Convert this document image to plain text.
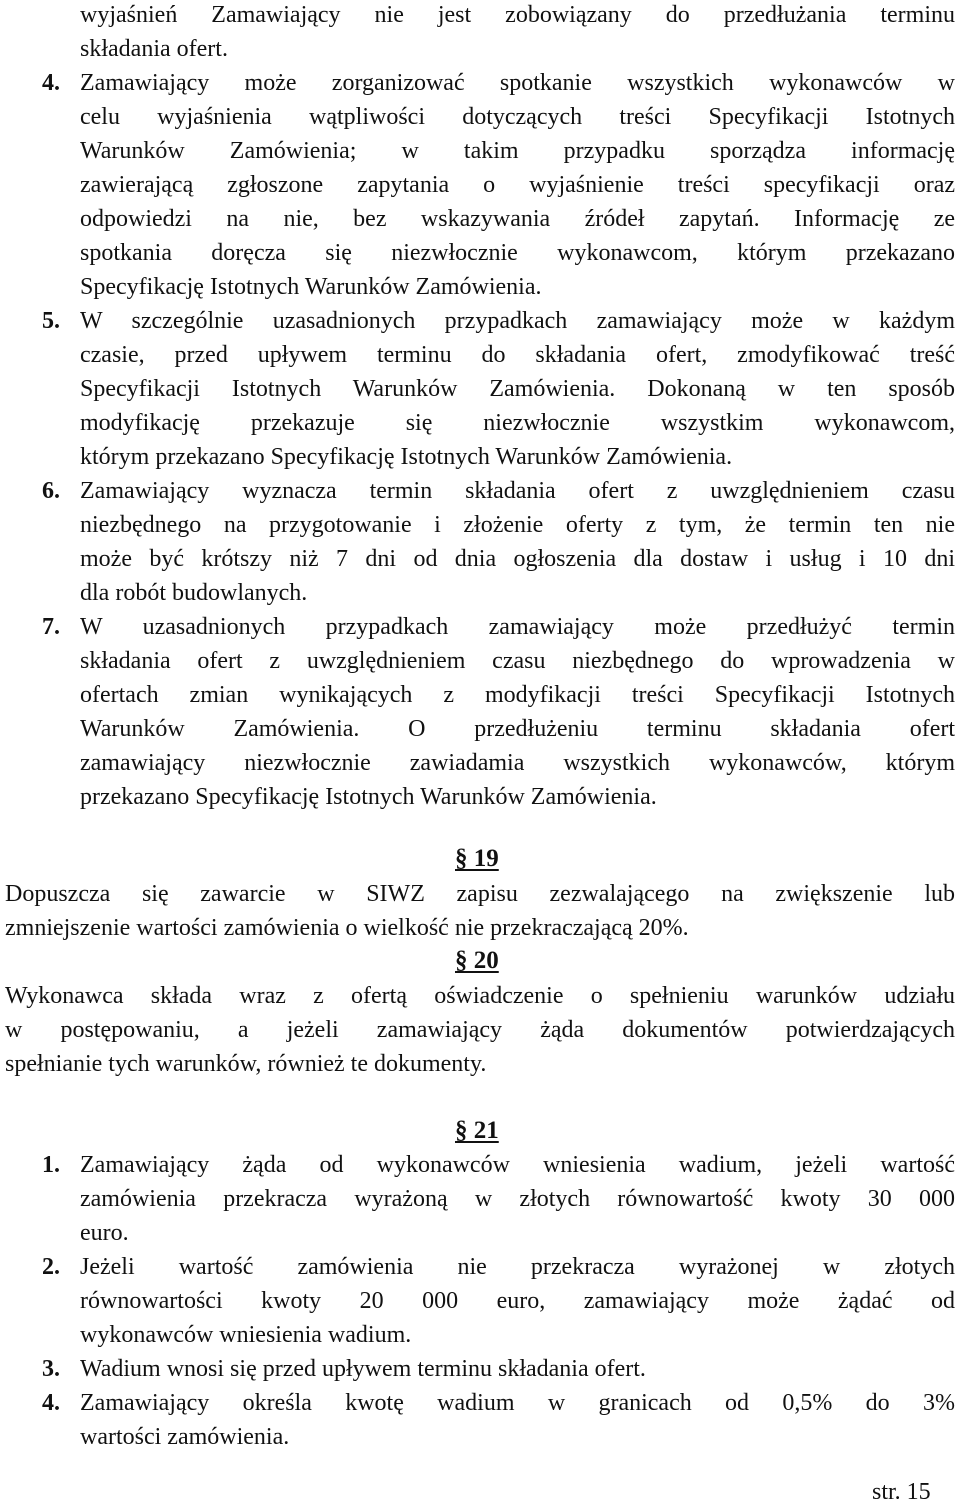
wyjaśnień Zamawiający nie jest zobowiązany do przedłużania terminu
składania ofert.
4. Zamawiający może zorganizować spotkanie wszystkich wykonawców w
celu wyjaśnienia wątpliwości dotyczących treści Specyfikacji Istotnych
Warunków Zamówienia; w takim przypadku sporządza informację
zawierającą zgłoszone zapytania o wyjaśnienie treści specyfikacji oraz
odpowiedzi na nie, bez wskazywania źródeł zapytań. Informację ze
spotkania doręcza się niezwłocznie wykonawcom, którym przekazano
Specyfikację Istotnych Warunków Zamówienia.
5. W szczególnie uzasadnionych przypadkach zamawiający może w każdym
czasie, przed upływem terminu do składania ofert, zmodyfikować treść
Specyfikacji Istotnych Warunków Zamówienia. Dokonaną w ten sposób
modyfikację przekazuje się niezwłocznie wszystkim wykonawcom,
którym przekazano Specyfikację Istotnych Warunków Zamówienia.
6. Zamawiający wyznacza termin składania ofert z uwzględnieniem czasu
niezbędnego na przygotowanie i złożenie oferty z tym, że termin ten nie
może być krótszy niż 7 dni od dnia ogłoszenia dla dostaw i usług i 10 dni
dla robót budowlanych.
7. W uzasadnionych przypadkach zamawiający może przedłużyć termin
składania ofert z uwzględnieniem czasu niezbędnego do wprowadzenia w
ofertach zmian wynikających z modyfikacji treści Specyfikacji Istotnych
Warunków Zamówienia. O przedłużeniu terminu składania ofert
zamawiający niezwłocznie zawiadamia wszystkich wykonawców, którym
przekazano Specyfikację Istotnych Warunków Zamówienia.
§ 19
Dopuszcza się zawarcie w SIWZ zapisu zezwalającego na zwiększenie lub
zmniejszenie wartości zamówienia o wielkość nie przekraczającą 20%.
§ 20
Wykonawca składa wraz z ofertą oświadczenie o spełnieniu warunków udziału
w postępowaniu, a jeżeli zamawiający żąda dokumentów potwierdzających
spełnianie tych warunków, również te dokumenty.
§ 21
1. Zamawiający żąda od wykonawców wniesienia wadium, jeżeli wartość
zamówienia przekracza wyrażoną w złotych równowartość kwoty 30 000
euro.
2. Jeżeli wartość zamówienia nie przekracza wyrażonej w złotych
równowartości kwoty 20 000 euro, zamawiający może żądać od
wykonawców wniesienia wadium.
3. Wadium wnosi się przed upływem terminu składania ofert.
4. Zamawiający określa kwotę wadium w granicach od 0,5% do 3%
wartości zamówienia.
str. 15
